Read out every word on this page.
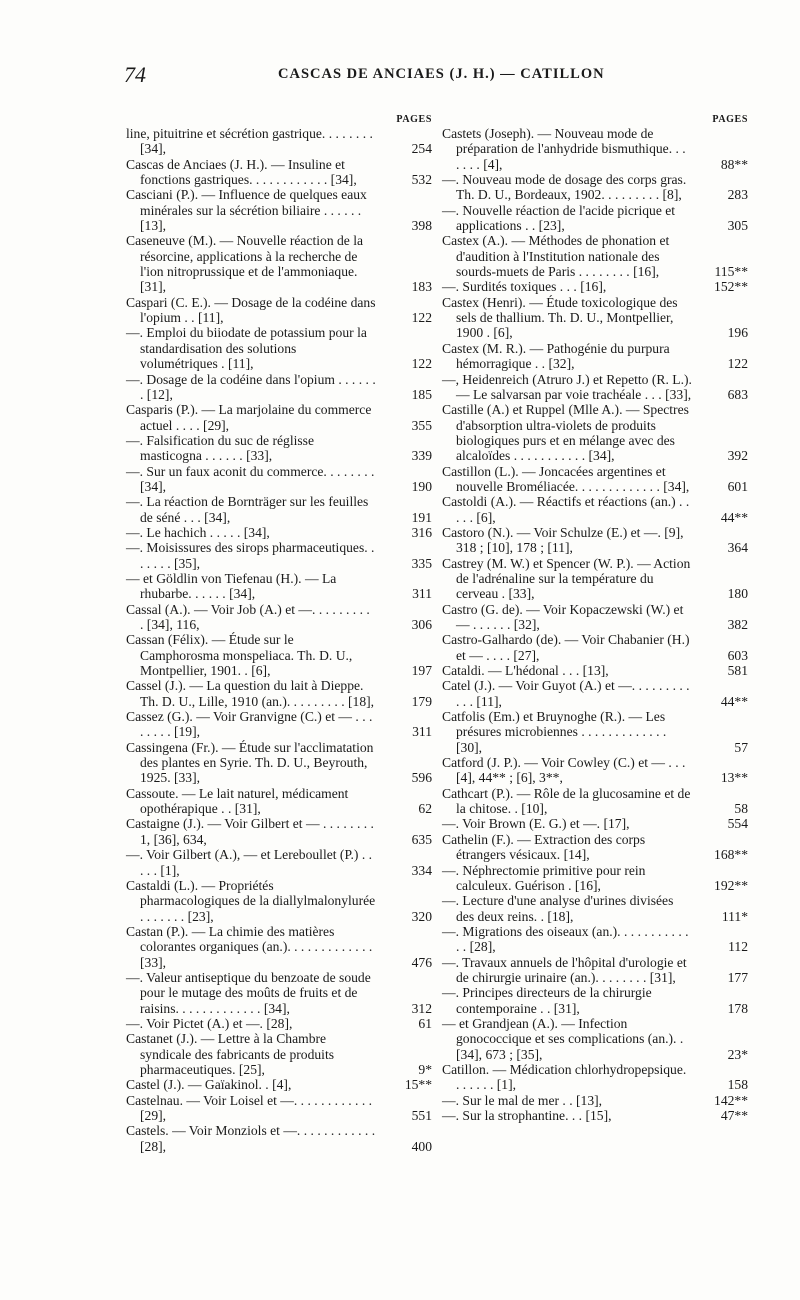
74	CASCAS DE ANCIAES (J. H.) — CATILLON
PAGES
line, pituitrine et sécrétion gastrique. . . . . . . . [34],	254
Cascas de Anciaes (J. H.). — Insuline et fonctions gastriques. . . . . . . . . . . . [34],	532
Casciani (P.). — Influence de quelques eaux minérales sur la sécrétion biliaire . . . . . . [13],	398
Caseneuve (M.). — Nouvelle réaction de la résorcine, applications à la recherche de l'ion nitroprussique et de l'ammoniaque. [31],	183
Caspari (C. E.). — Dosage de la codéine dans l'opium . . [11],	122
—. Emploi du biiodate de potassium pour la standardisation des solutions volumétriques . [11],	122
—. Dosage de la codéine dans l'opium . . . . . . . [12],	185
Casparis (P.). — La marjolaine du commerce actuel . . . . [29],	355
—. Falsification du suc de réglisse masticogna . . . . . . [33],	339
—. Sur un faux aconit du commerce. . . . . . . . [34],	190
—. La réaction de Bornträger sur les feuilles de séné . . . [34],	191
—. Le hachich . . . . . [34],	316
—. Moisissures des sirops pharmaceutiques. . . . . . . [35],	335
— et Göldlin von Tiefenau (H.). — La rhubarbe. . . . . . [34],	311
Cassal (A.). — Voir Job (A.) et —. . . . . . . . . . [34], 116,	306
Cassan (Félix). — Étude sur le Camphorosma monspeliaca. Th. D. U., Montpellier, 1901. . [6],	197
Cassel (J.). — La question du lait à Dieppe. Th. D. U., Lille, 1910 (an.). . . . . . . . . [18],	179
Cassez (G.). — Voir Granvigne (C.) et — . . . . . . . . [19],	311
Cassingena (Fr.). — Étude sur l'acclimatation des plantes en Syrie. Th. D. U., Beyrouth, 1925. [33],	596
Cassoute. — Le lait naturel, médicament opothérapique . . [31],	62
Castaigne (J.). — Voir Gilbert et — . . . . . . . . 1, [36], 634,	635
—. Voir Gilbert (A.), — et Lereboullet (P.) . . . . . [1],	334
Castaldi (L.). — Propriétés pharmacologiques de la diallylmalonylurée . . . . . . . [23],	320
Castan (P.). — La chimie des matières colorantes organiques (an.). . . . . . . . . . . . . [33],	476
—. Valeur antiseptique du benzoate de soude pour le mutage des moûts de fruits et de raisins. . . . . . . . . . . . . [34],	312
—. Voir Pictet (A.) et —. [28],	61
Castanet (J.). — Lettre à la Chambre syndicale des fabricants de produits pharmaceutiques. [25],	9*
Castel (J.). — Gaïakinol. . [4],	15**
Castelnau. — Voir Loisel et —. . . . . . . . . . . . [29],	551
Castels. — Voir Monziols et —. . . . . . . . . . . . [28],	400
PAGES
Castets (Joseph). — Nouveau mode de préparation de l'anhydride bismuthique. . . . . . . [4],	88**
—. Nouveau mode de dosage des corps gras. Th. D. U., Bordeaux, 1902. . . . . . . . . [8],	283
—. Nouvelle réaction de l'acide picrique et applications . . [23],	305
Castex (A.). — Méthodes de phonation et d'audition à l'Institution nationale des sourds-muets de Paris . . . . . . . . [16],	115**
—. Surdités toxiques . . . [16],	152**
Castex (Henri). — Étude toxicologique des sels de thallium. Th. D. U., Montpellier, 1900 . [6],	196
Castex (M. R.). — Pathogénie du purpura hémorragique . . [32],	122
—, Heidenreich (Atruro J.) et Repetto (R. L.). — Le salvarsan par voie trachéale . . . [33],	683
Castille (A.) et Ruppel (Mlle A.). — Spectres d'absorption ultra-violets de produits biologiques purs et en mélange avec des alcaloïdes . . . . . . . . . . . [34],	392
Castillon (L.). — Joncacées argentines et nouvelle Broméliacée. . . . . . . . . . . . . [34],	601
Castoldi (A.). — Réactifs et réactions (an.) . . . . . [6],	44**
Castoro (N.). — Voir Schulze (E.) et —. [9], 318 ; [10], 178 ; [11],	364
Castrey (M. W.) et Spencer (W. P.). — Action de l'adrénaline sur la température du cerveau . [33],	180
Castro (G. de). — Voir Kopaczewski (W.) et — . . . . . . [32],	382
Castro-Galhardo (de). — Voir Chabanier (H.) et — . . . . [27],	603
Cataldi. — L'hédonal . . . [13],	581
Catel (J.). — Voir Guyot (A.) et —. . . . . . . . . . . . [11],	44**
Catfolis (Em.) et Bruynoghe (R.). — Les présures microbiennes . . . . . . . . . . . . . [30],	57
Catford (J. P.). — Voir Cowley (C.) et — . . . [4], 44** ; [6], 3**,	13**
Cathcart (P.). — Rôle de la glucosamine et de la chitose. . [10],	58
—. Voir Brown (E. G.) et —. [17],	554
Cathelin (F.). — Extraction des corps étrangers vésicaux. [14],	168**
—. Néphrectomie primitive pour rein calculeux. Guérison . [16],	192**
—. Lecture d'une analyse d'urines divisées des deux reins. . [18],	111*
—. Migrations des oiseaux (an.). . . . . . . . . . . . . [28],	112
—. Travaux annuels de l'hôpital d'urologie et de chirurgie urinaire (an.). . . . . . . . [31],	177
—. Principes directeurs de la chirurgie contemporaine . . [31],	178
— et Grandjean (A.). — Infection gonococcique et ses complications (an.). . [34], 673 ; [35],	23*
Catillon. — Médication chlorhydropepsique. . . . . . . [1],	158
—. Sur le mal de mer . . [13],	142**
—. Sur la strophantine. . . [15],	47**
